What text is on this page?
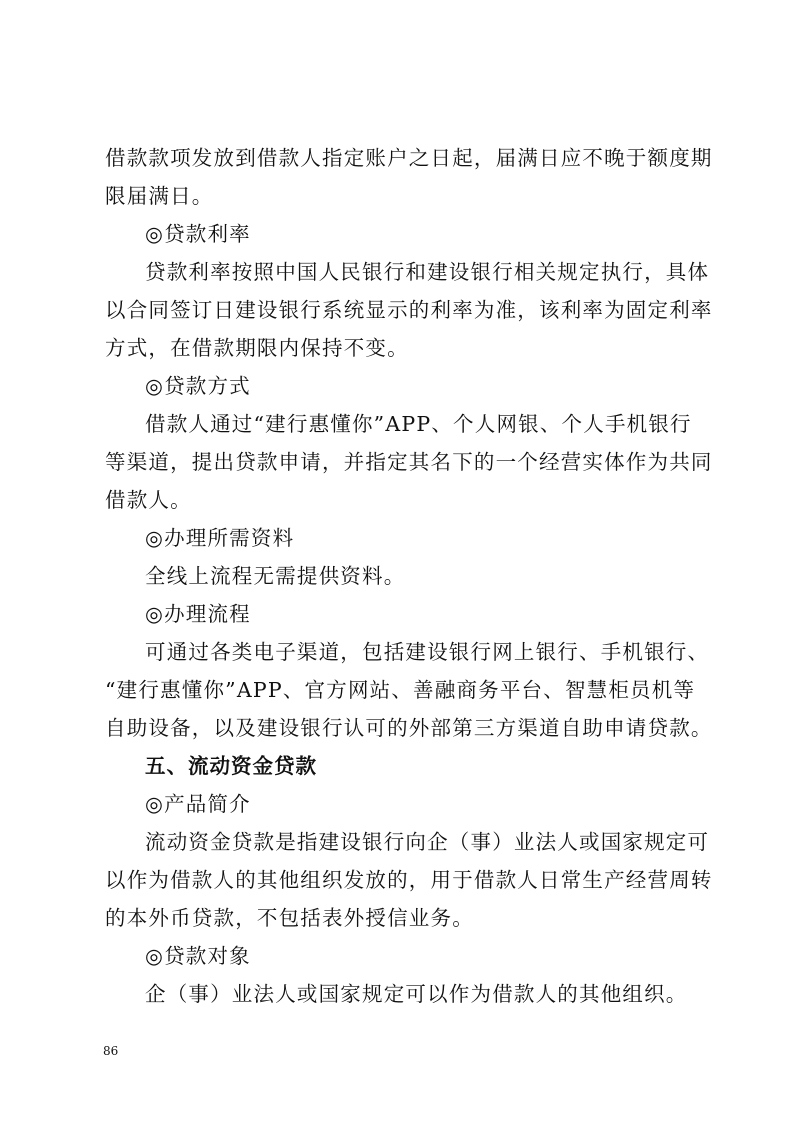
借款款项发放到借款人指定账户之日起，届满日应不晚于额度期
限届满日。
◎贷款利率
贷款利率按照中国人民银行和建设银行相关规定执行，具体
以合同签订日建设银行系统显示的利率为准，该利率为固定利率
方式，在借款期限内保持不变。
◎贷款方式
借款人通过“建行惠懂你”APP、个人网银、个人手机银行
等渠道，提出贷款申请，并指定其名下的一个经营实体作为共同
借款人。
◎办理所需资料
全线上流程无需提供资料。
◎办理流程
可通过各类电子渠道，包括建设银行网上银行、手机银行、
“建行惠懂你”APP、官方网站、善融商务平台、智慧柜员机等
自助设备，以及建设银行认可的外部第三方渠道自助申请贷款。
五、流动资金贷款
◎产品简介
流动资金贷款是指建设银行向企（事）业法人或国家规定可
以作为借款人的其他组织发放的，用于借款人日常生产经营周转
的本外币贷款，不包括表外授信业务。
◎贷款对象
企（事）业法人或国家规定可以作为借款人的其他组织。
86
